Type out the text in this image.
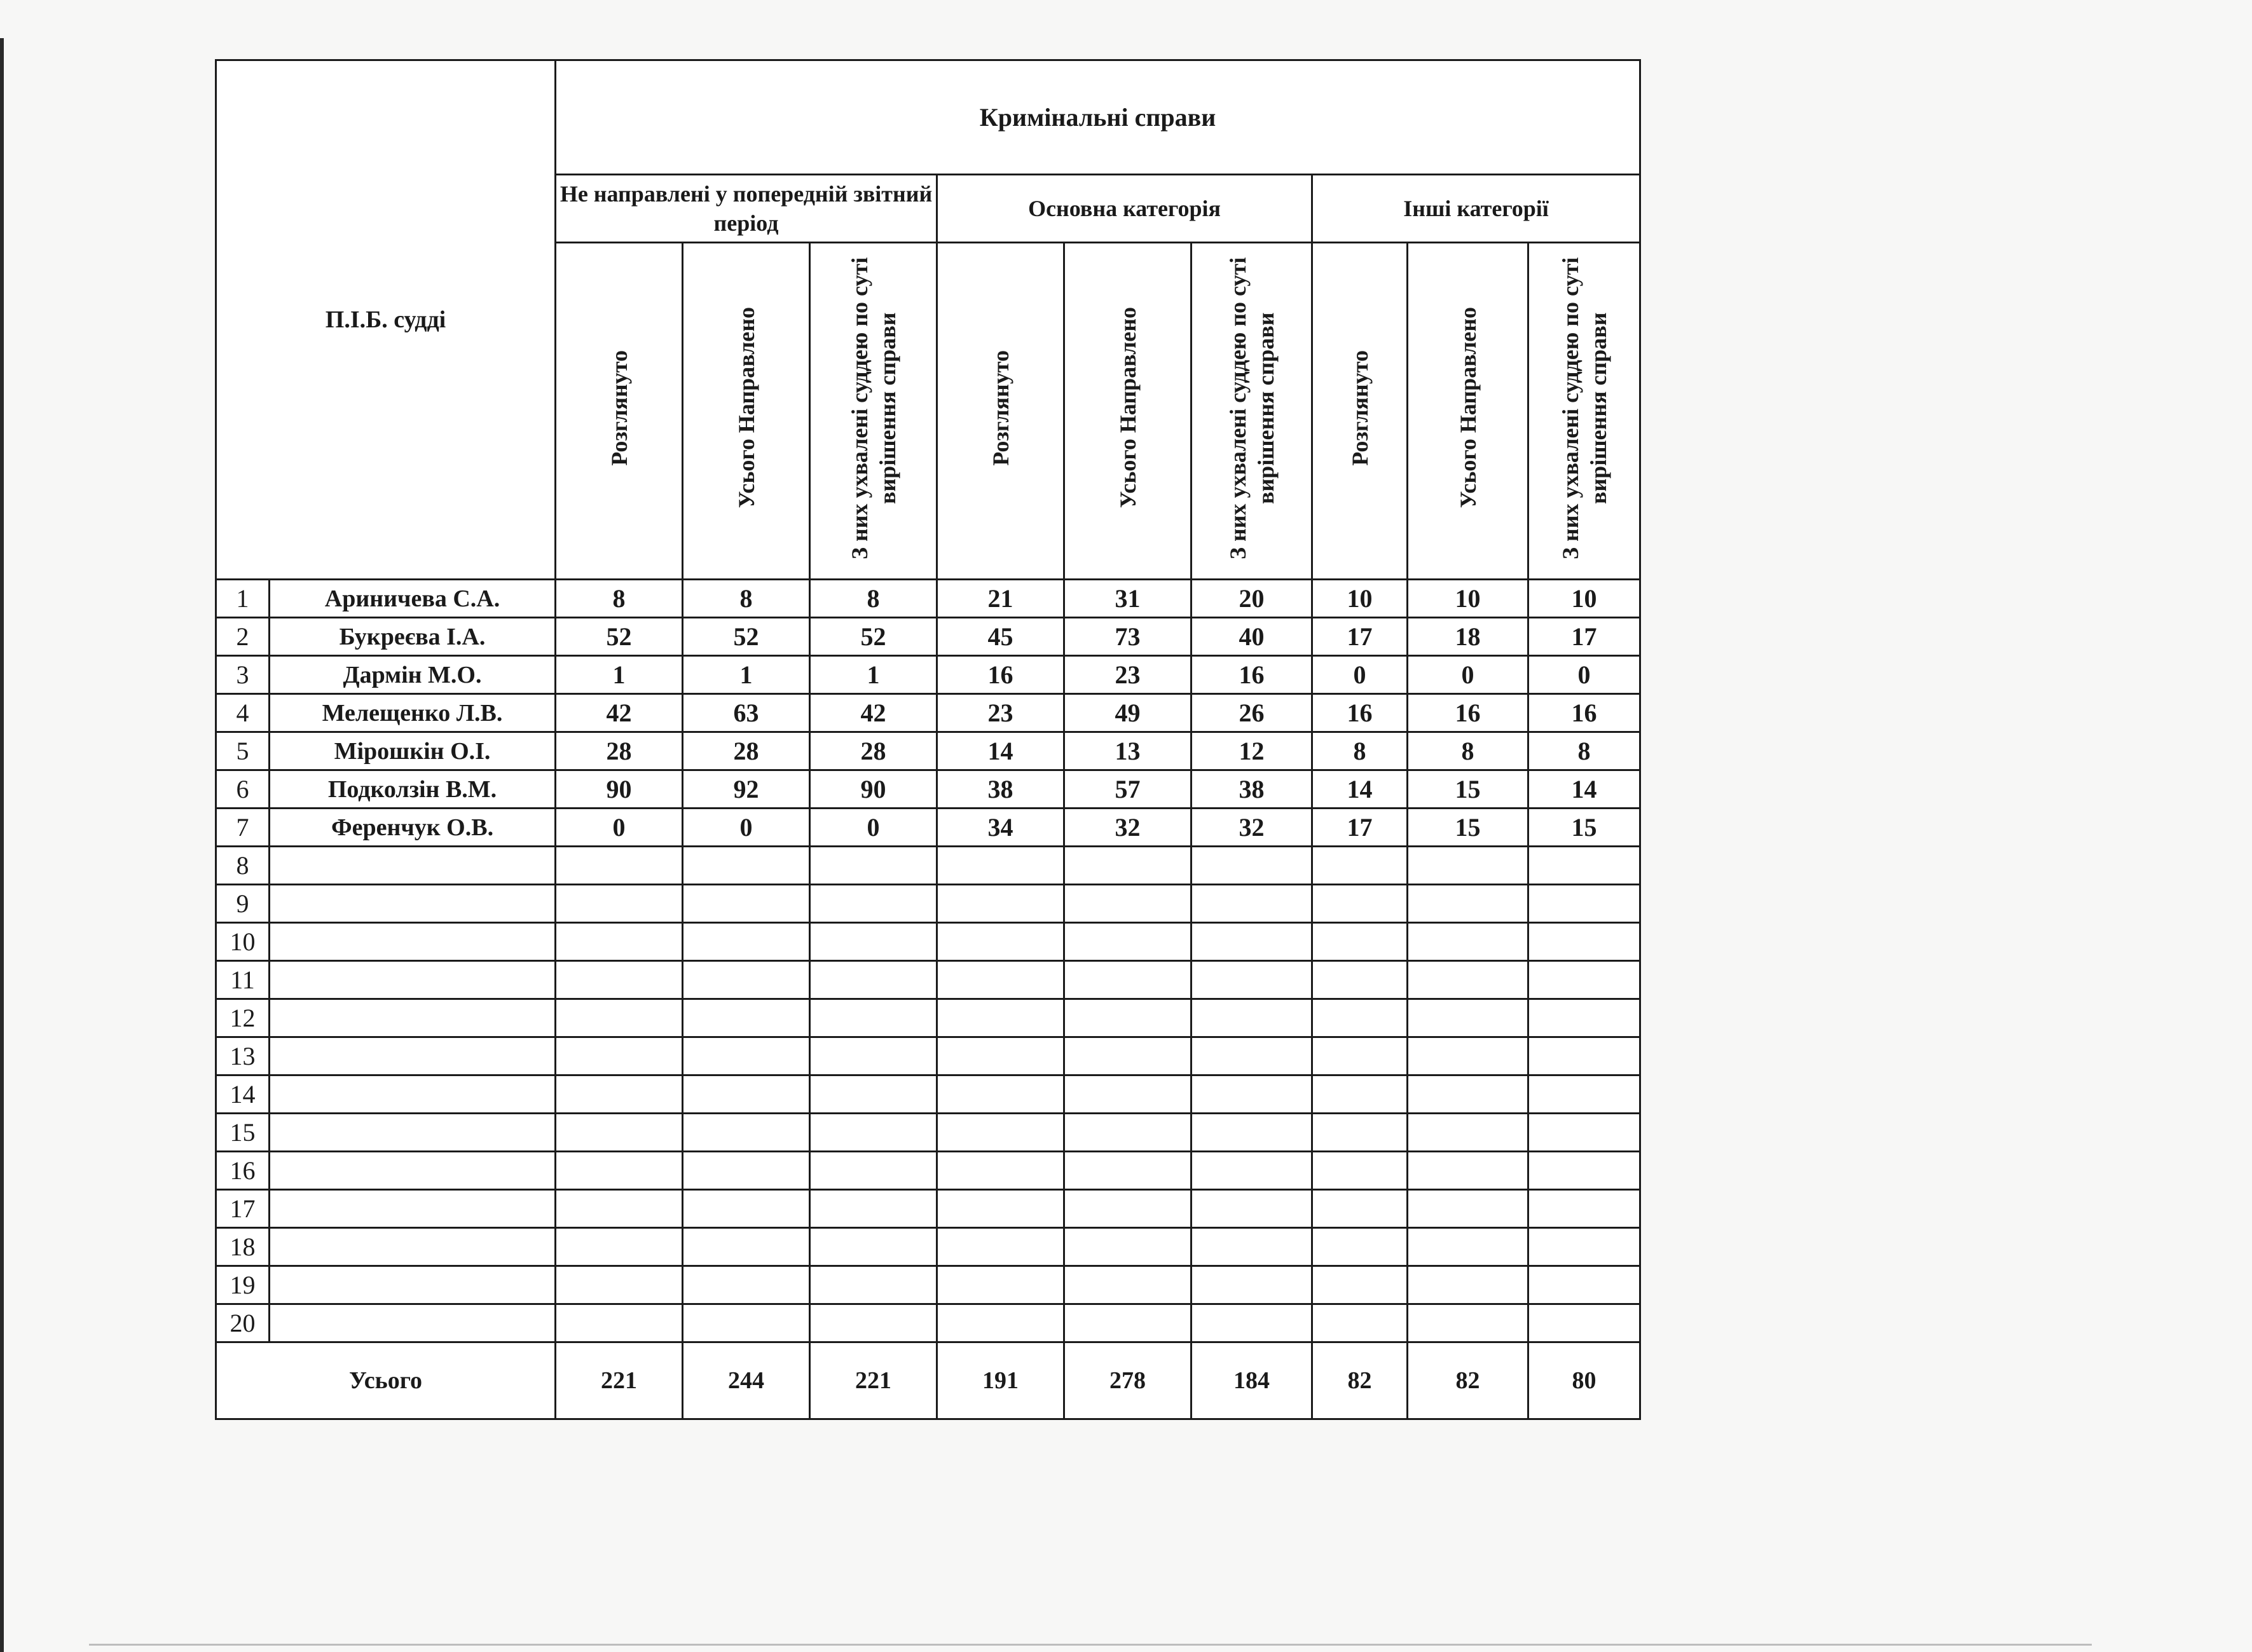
П.І.Б. судді		Кримінальні справи								
		Не направлені у попередній звітний період			Основна категорія			Інші категорії		
		Розглянуто	Усього Направлено	З них ухвалені суддею по суті вирішення справи	Розглянуто	Усього Направлено	З них ухвалені суддею по суті вирішення справи	Розглянуто	Усього Направлено	З них ухвалені суддею по суті вирішення справи
1	Ариничева С.А.	8	8	8	21	31	20	10	10	10
2	Букреєва І.А.	52	52	52	45	73	40	17	18	17
3	Дармін М.О.	1	1	1	16	23	16	0	0	0
4	Мелещенко Л.В.	42	63	42	23	49	26	16	16	16
5	Мірошкін О.І.	28	28	28	14	13	12	8	8	8
6	Подколзін В.М.	90	92	90	38	57	38	14	15	14
7	Ференчук О.В.	0	0	0	34	32	32	17	15	15
8										
9										
10										
11										
12										
13										
14										
15										
16										
17										
18										
19										
20										
Усього		221	244	221	191	278	184	82	82	80
